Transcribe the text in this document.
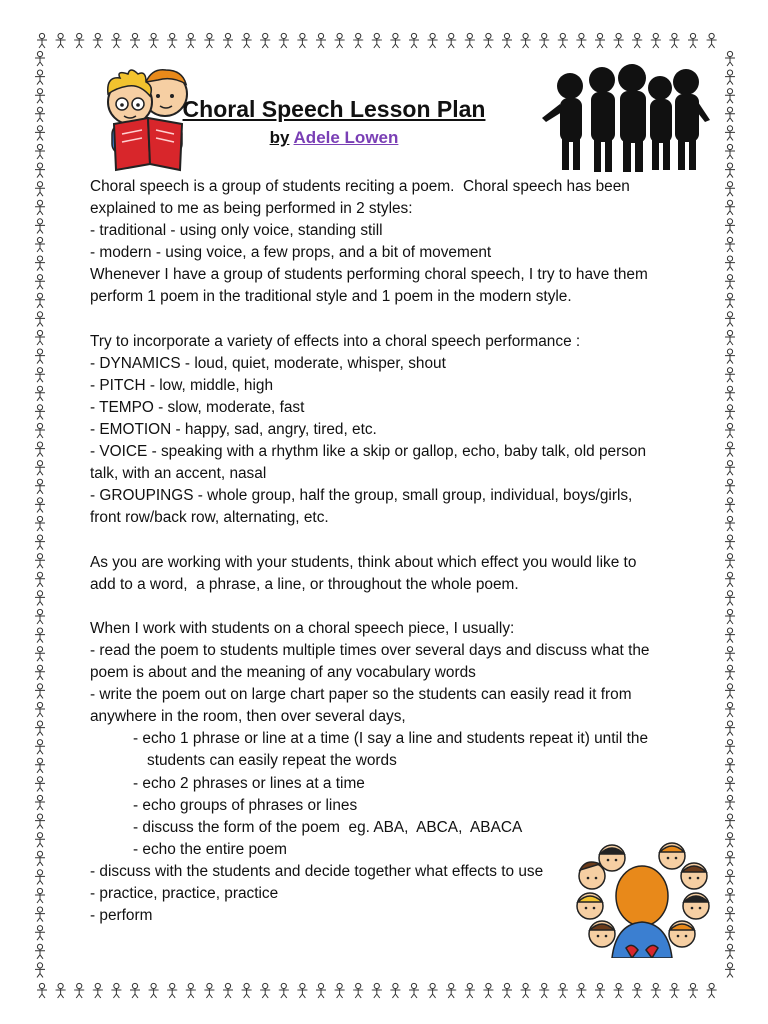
Choral Speech Lesson Plan
by Adele Lowen
Choral speech is a group of students reciting a poem.  Choral speech has been
explained to me as being performed in 2 styles:
- traditional - using only voice, standing still
- modern - using voice, a few props, and a bit of movement
Whenever I have a group of students performing choral speech, I try to have them
perform 1 poem in the traditional style and 1 poem in the modern style.
Try to incorporate a variety of effects into a choral speech performance :
- DYNAMICS - loud, quiet, moderate, whisper, shout
- PITCH - low, middle, high
- TEMPO - slow, moderate, fast
- EMOTION - happy, sad, angry, tired, etc.
- VOICE - speaking with a rhythm like a skip or gallop, echo, baby talk, old person
talk, with an accent, nasal
- GROUPINGS - whole group, half the group, small group, individual, boys/girls,
front row/back row, alternating, etc.
As you are working with your students, think about which effect you would like to
add to a word,  a phrase, a line, or throughout the whole poem.
When I work with students on a choral speech piece, I usually:
- read the poem to students multiple times over several days and discuss what the
poem is about and the meaning of any vocabulary words
- write the poem out on large chart paper so the students can easily read it from
anywhere in the room, then over several days,
- echo 1 phrase or line at a time (I say a line and students repeat it) until the
students can easily repeat the words
- echo 2 phrases or lines at a time
- echo groups of phrases or lines
- discuss the form of the poem  eg. ABA,  ABCA,  ABACA
- echo the entire poem
- discuss with the students and decide together what effects to use
- practice, practice, practice
- perform
